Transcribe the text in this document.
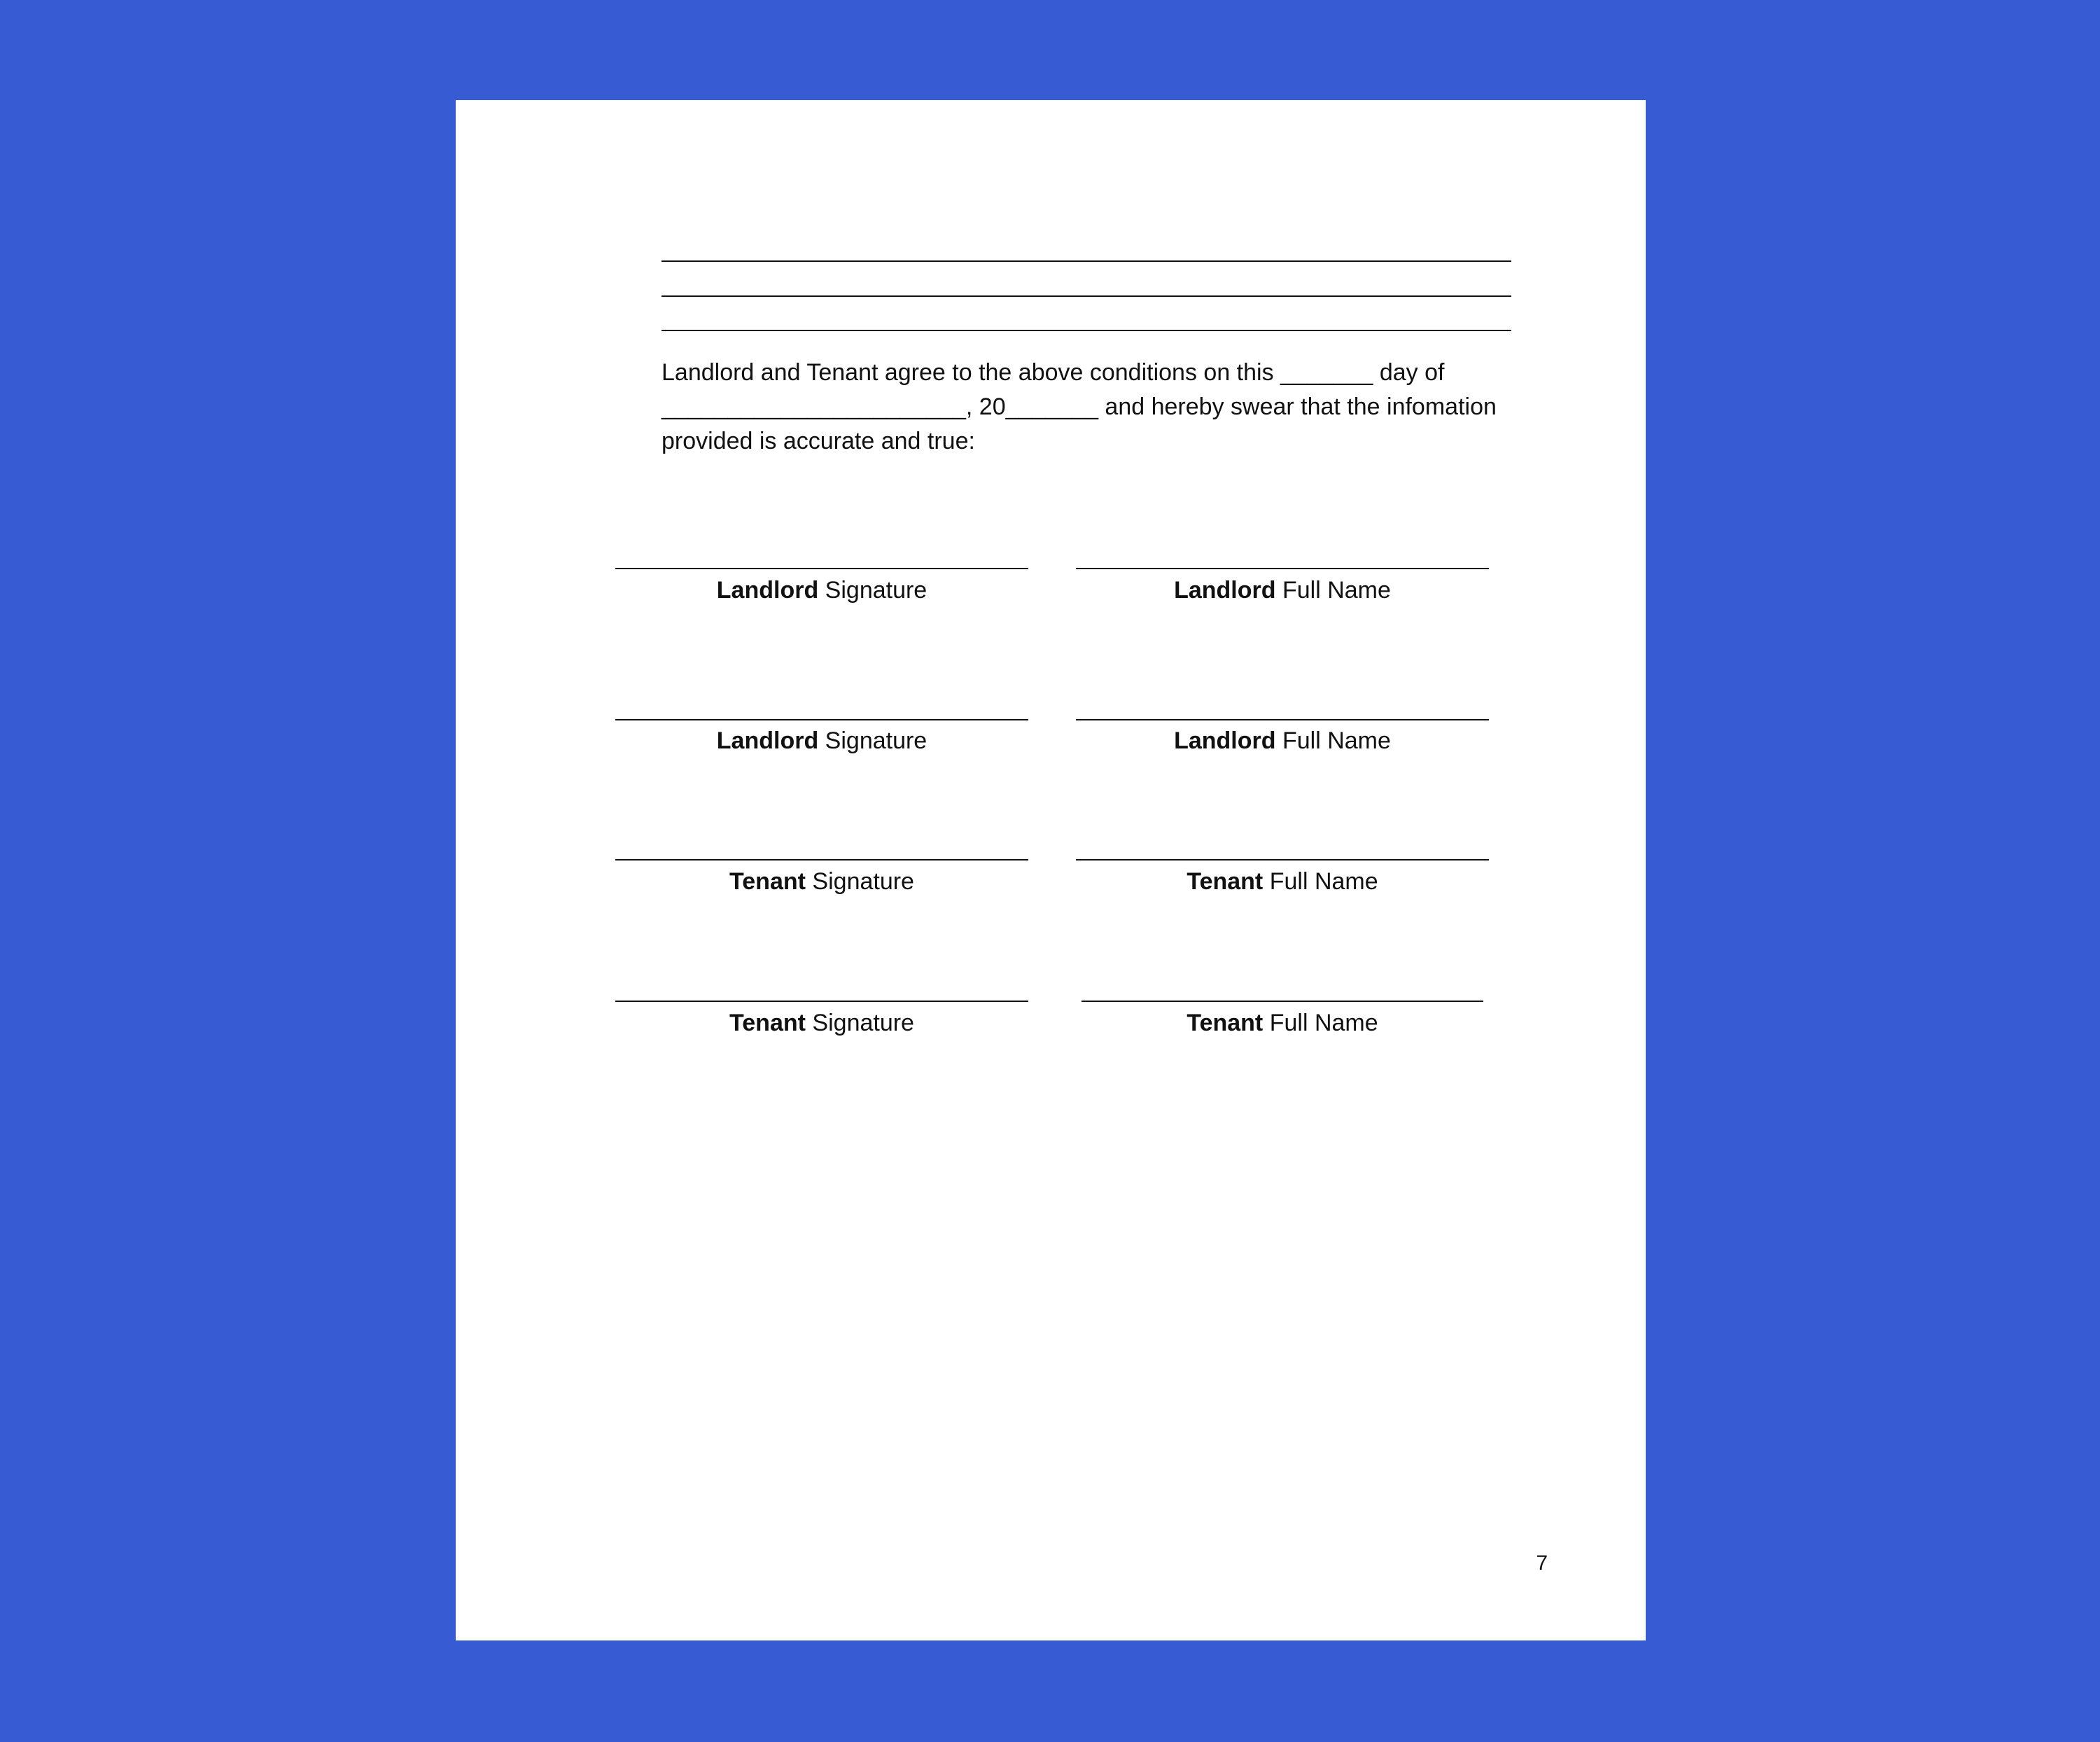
Landlord and Tenant agree to the above conditions on this _______ day of
_______________________, 20_______ and hereby swear that the infomation
provided is accurate and true:

Landlord Signature	Landlord Full Name
Landlord Signature	Landlord Full Name
Tenant Signature	Tenant Full Name
Tenant Signature	Tenant Full Name
7
